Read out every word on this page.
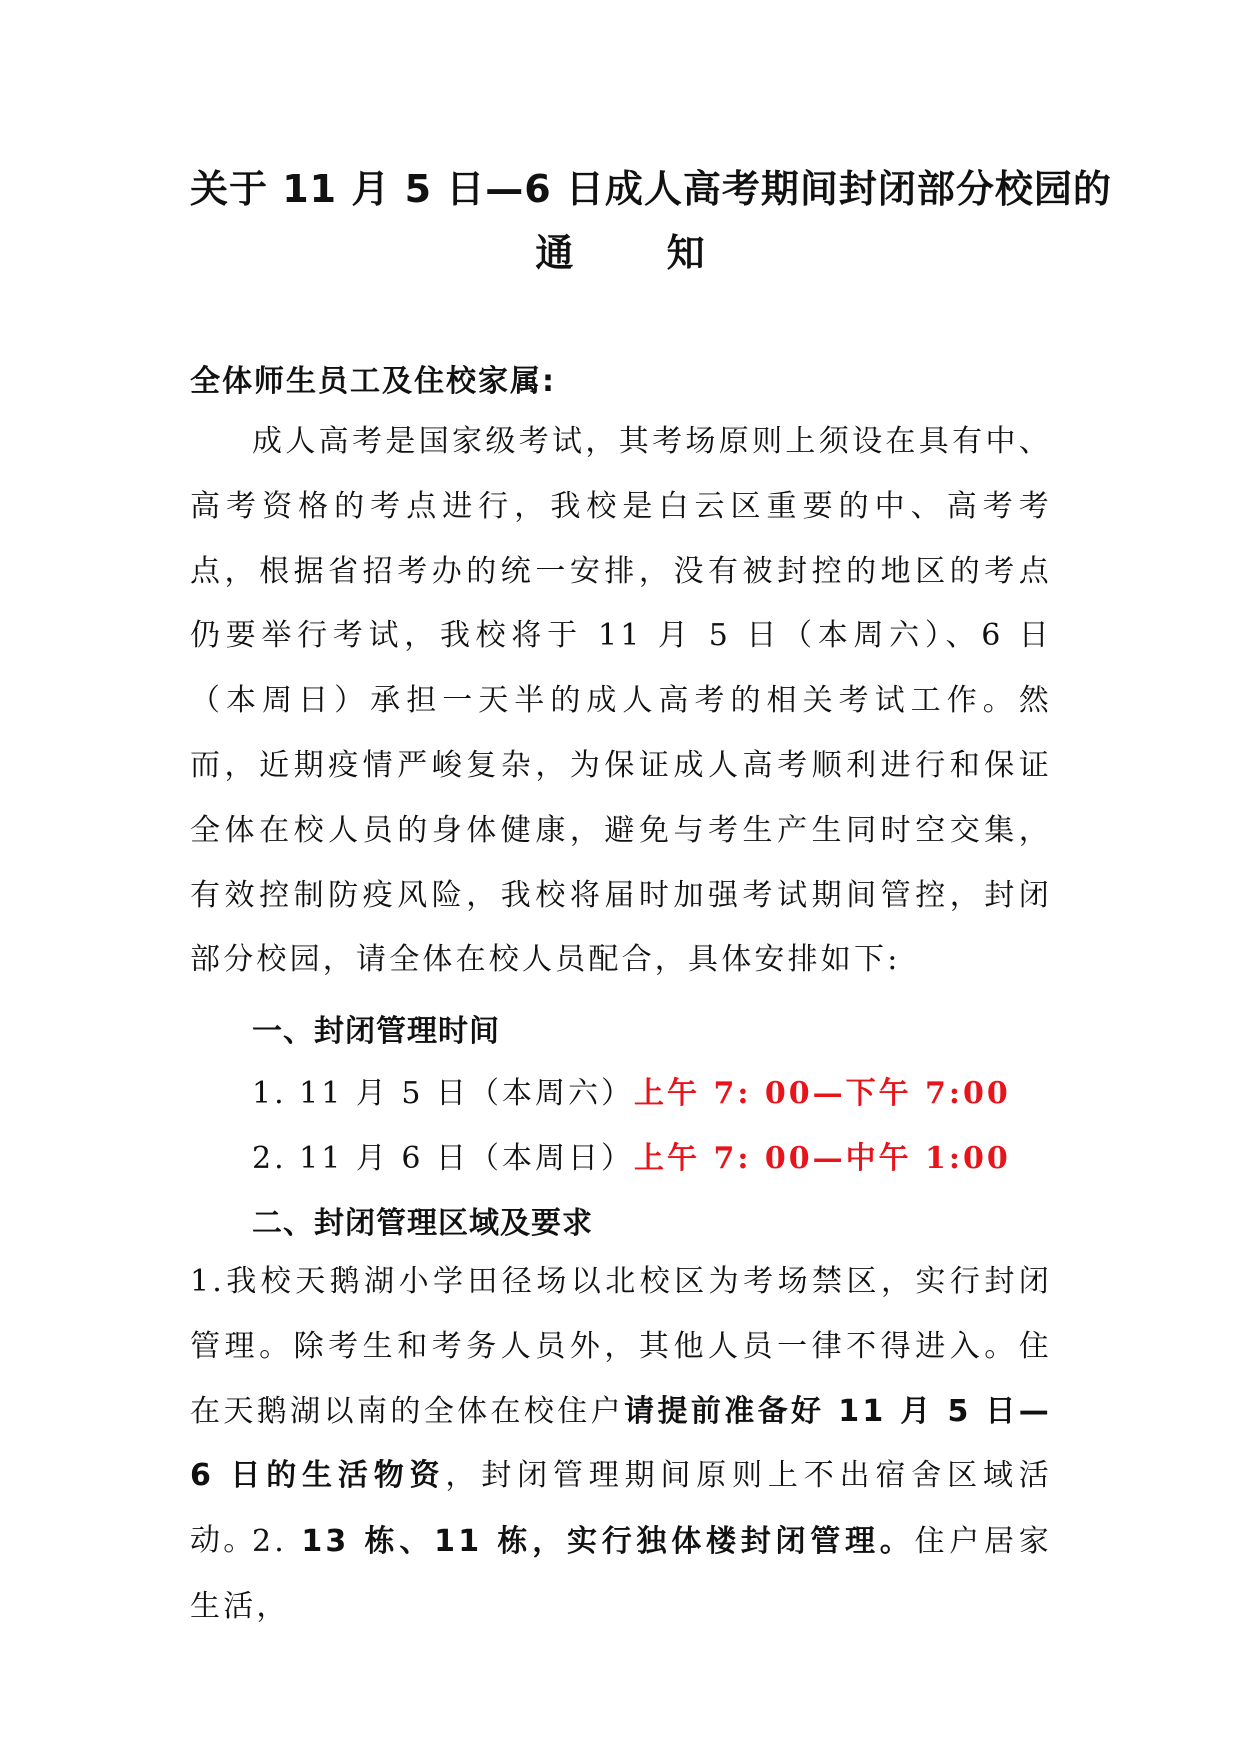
关于 11 月 5 日—6 日成人高考期间封闭部分校园的
通 知
全体师生员工及住校家属:
成人高考是国家级考试，其考场原则上须设在具有中、高考资格的考点进行，我校是白云区重要的中、高考考点，根据省招考办的统一安排，没有被封控的地区的考点仍要举行考试，我校将于 11 月 5 日（本周六）、6 日（本周日）承担一天半的成人高考的相关考试工作。然而，近期疫情严峻复杂，为保证成人高考顺利进行和保证全体在校人员的身体健康，避免与考生产生同时空交集，有效控制防疫风险，我校将届时加强考试期间管控，封闭部分校园，请全体在校人员配合，具体安排如下:
一、封闭管理时间
1. 11 月 5 日（本周六）上午 7: 00—下午 7:00
2. 11 月 6 日（本周日）上午 7: 00—中午 1:00
二、封闭管理区域及要求
1.我校天鹅湖小学田径场以北校区为考场禁区，实行封闭管理。除考生和考务人员外，其他人员一律不得进入。住在天鹅湖以南的全体在校住户请提前准备好 11 月 5 日—6 日的生活物资，封闭管理期间原则上不出宿舍区域活动。
2. 13 栋、11 栋，实行独体楼封闭管理。住户居家生活，
